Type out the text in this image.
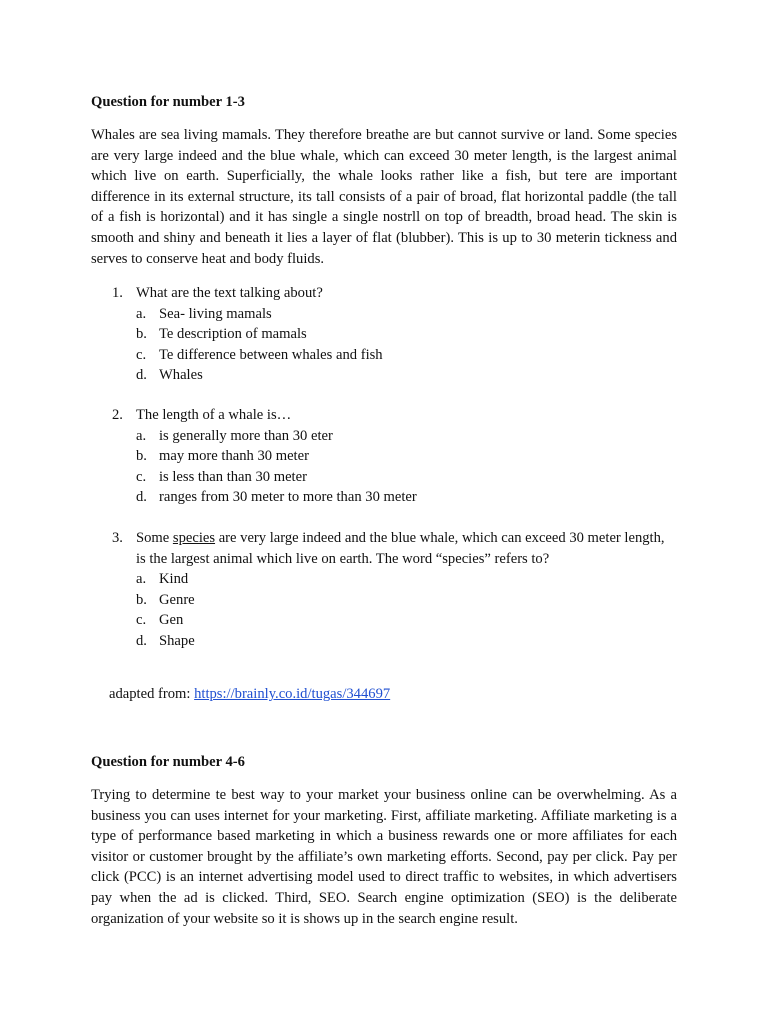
Question for number 1-3

Whales are sea living mamals. They therefore breathe are but cannot survive or land. Some species are very large indeed and the blue whale, which can exceed 30 meter length, is the largest animal which live on earth. Superficially, the whale looks rather like a fish, but tere are important difference in its external structure, its tall consists of a pair of broad, flat horizontal paddle (the tall of a fish is horizontal) and it has single a single nostrll on top of breadth, broad head. The skin is smooth and shiny and beneath it lies a layer of flat (blubber). This is up to 30 meterin tickness and serves to conserve heat and body fluids.

1. What are the text talking about?
a. Sea- living mamals
b. Te description of mamals
c. Te difference between whales and fish
d. Whales
2. The length of a whale is…
a. is generally more than 30 eter
b. may more thanh 30 meter
c. is less than than 30 meter
d. ranges from 30 meter to more than 30 meter
3. Some species are very large indeed and the blue whale, which can exceed 30 meter length, is the largest animal which live on earth. The word “species” refers to?
a. Kind
b. Genre
c. Gen
d. Shape
adapted from: https://brainly.co.id/tugas/344697
Question for number 4-6

Trying to determine te best way to your market your business online can be overwhelming. As a business you can uses internet for your marketing. First, affiliate marketing. Affiliate marketing is a type of performance based marketing in which a business rewards one or more affiliates for each visitor or customer brought by the affiliate’s own marketing efforts. Second, pay per click. Pay per click (PCC) is an internet advertising model used to direct traffic to websites, in which advertisers pay when the ad is clicked. Third, SEO. Search engine optimization (SEO) is the deliberate organization of your website so it is shows up in the search engine result.
